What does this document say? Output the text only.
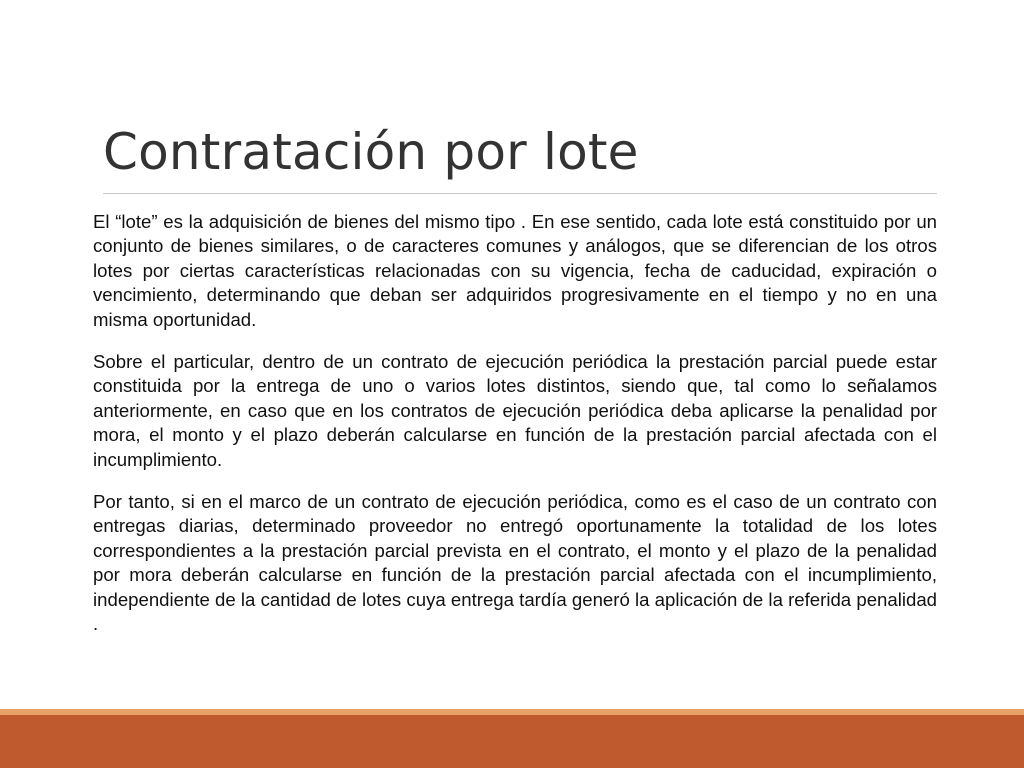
Contratación por lote

El “lote” es la adquisición de bienes del mismo tipo . En ese sentido, cada lote está constituido por un conjunto de bienes similares, o de caracteres comunes y análogos, que se diferencian de los otros lotes por ciertas características relacionadas con su vigencia, fecha de caducidad, expiración o vencimiento, determinando que deban ser adquiridos progresivamente en el tiempo y no en una misma oportunidad.

Sobre el particular, dentro de un contrato de ejecución periódica la prestación parcial puede estar constituida por la entrega de uno o varios lotes distintos, siendo que, tal como lo señalamos anteriormente, en caso que en los contratos de ejecución periódica deba aplicarse la penalidad por mora, el monto y el plazo deberán calcularse en función de la prestación parcial afectada con el incumplimiento.

Por tanto, si en el marco de un contrato de ejecución periódica, como es el caso de un contrato con entregas diarias, determinado proveedor no entregó oportunamente la totalidad de los lotes correspondientes a la prestación parcial prevista en el contrato, el monto y el plazo de la penalidad por mora deberán calcularse en función de la prestación parcial afectada con el incumplimiento, independiente de la cantidad de lotes cuya entrega tardía generó la aplicación de la referida penalidad .
